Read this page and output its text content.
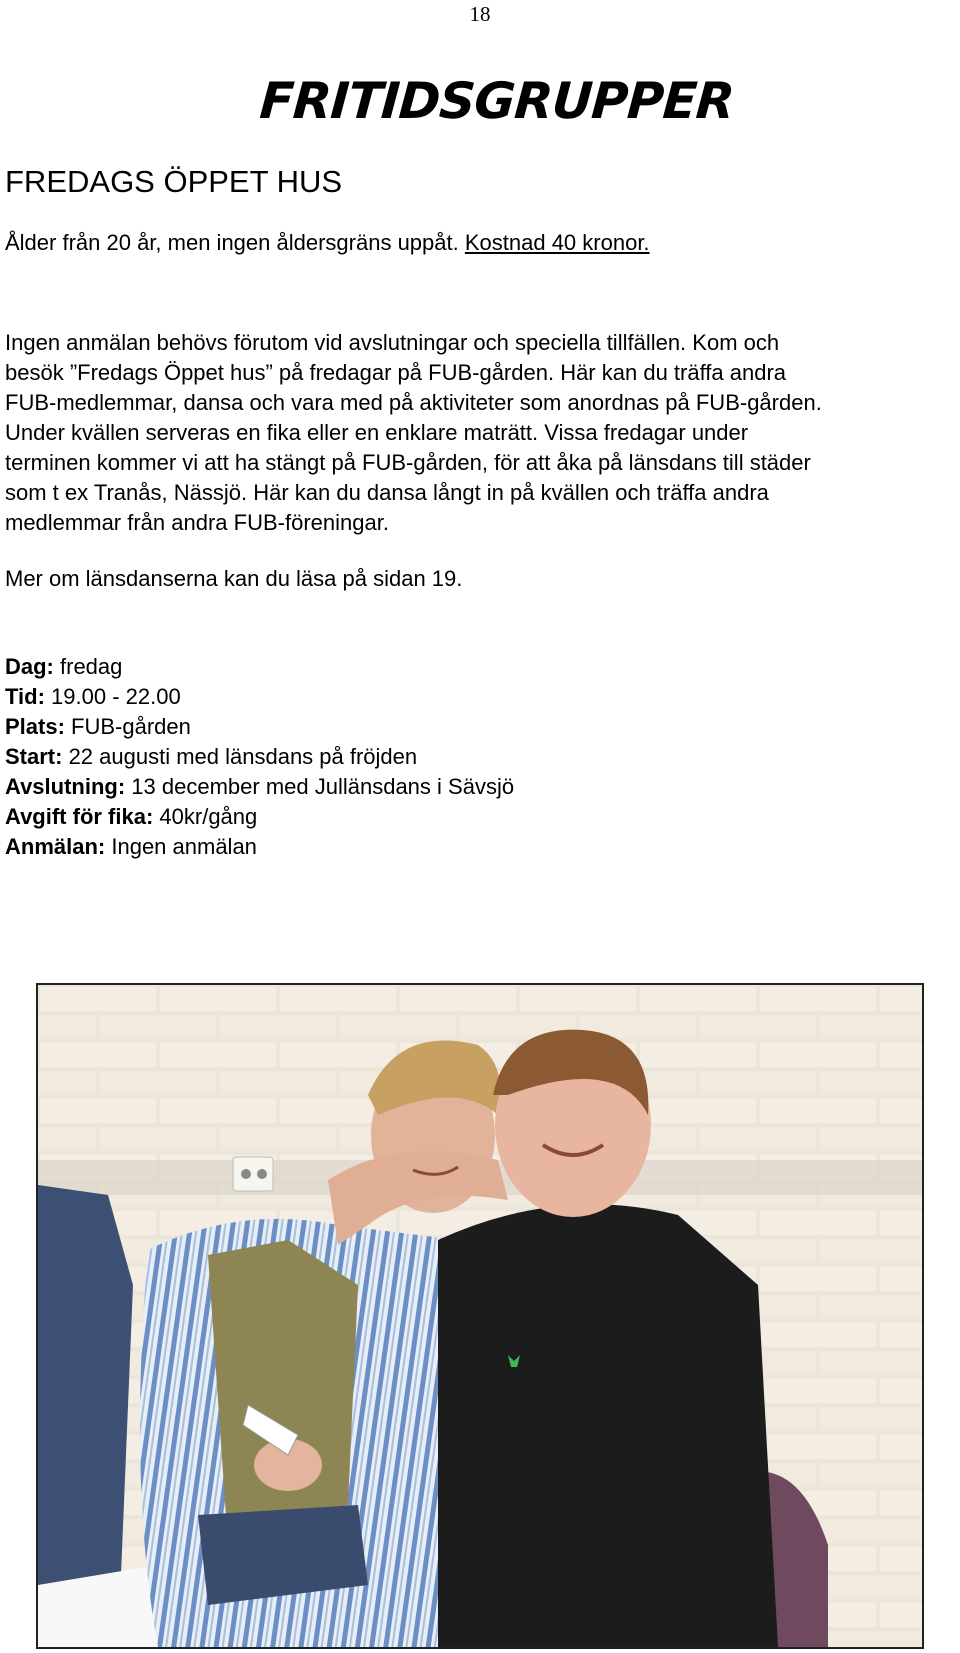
18
FRITIDSGRUPPER
FREDAGS ÖPPET HUS
Ålder från 20 år, men ingen åldersgräns uppåt. Kostnad 40 kronor.
Ingen anmälan behövs förutom vid avslutningar och speciella tillfällen. Kom och
besök ”Fredags Öppet hus” på fredagar på FUB-gården. Här kan du träffa andra
FUB-medlemmar, dansa och vara med på aktiviteter som anordnas på FUB-gården.
Under kvällen serveras en fika eller en enklare maträtt. Vissa fredagar under
terminen kommer vi att ha stängt på FUB-gården, för att åka på länsdans till städer
som t ex Tranås, Nässjö. Här kan du dansa långt in på kvällen och träffa andra
medlemmar från andra FUB-föreningar.
Mer om länsdanserna kan du läsa på sidan 19.
Dag: fredag
Tid: 19.00 - 22.00
Plats: FUB-gården
Start: 22 augusti med länsdans på fröjden
Avslutning: 13 december med Jullänsdans i Sävsjö
Avgift för fika: 40kr/gång
Anmälan: Ingen anmälan
